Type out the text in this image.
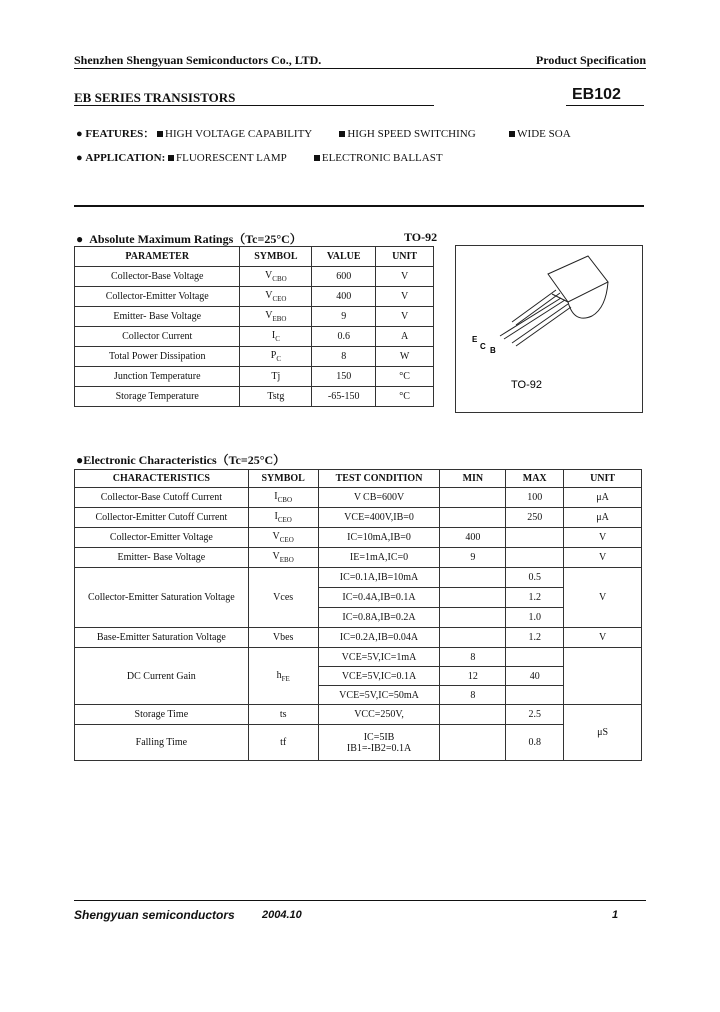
Shenzhen Shengyuan Semiconductors Co., LTD.	Product Specification
EB SERIES TRANSISTORS	EB102
● FEATURES： HIGH VOLTAGE CAPABILITY	HIGH SPEED SWITCHING	WIDE SOA
● APPLICATION: FLUORESCENT LAMP	ELECTRONIC BALLAST
● Absolute Maximum Ratings（Tc=25°C）	TO-92
PARAMETER	SYMBOL	VALUE	UNIT
Collector-Base Voltage	$V_{CBO}$	600	V
Collector-Emitter Voltage	$V_{CEO}$	400	V
Emitter- Base Voltage	$V_{EBO}$	9	V
Collector Current	$I_C$	0.6	A
Total Power Dissipation	$P_C$	8	W
Junction Temperature	Tj	150	°C
Storage Temperature	Tstg	-65-150	°C
E
C B
TO-92
●Electronic Characteristics（Tc=25°C）
CHARACTERISTICS	SYMBOL	TEST CONDITION	MIN	MAX	UNIT
Collector-Base Cutoff Current	$I_{CBO}$	V CB=600V		100	μA
Collector-Emitter Cutoff Current	$I_{CEO}$	VCE=400V,IB=0		250	μA
Collector-Emitter Voltage	$V_{CEO}$	IC=10mA,IB=0	400		V
Emitter- Base Voltage	$V_{EBO}$	IE=1mA,IC=0	9		V
Collector-Emitter Saturation Voltage	Vces	IC=0.1A,IB=10mA		0.5	V
		IC=0.4A,IB=0.1A		1.2	
		IC=0.8A,IB=0.2A		1.0	
Base-Emitter Saturation Voltage	Vbes	IC=0.2A,IB=0.04A		1.2	V
DC Current Gain	$h_{FE}$	VCE=5V,IC=1mA	8		
		VCE=5V,IC=0.1A	12	40	
		VCE=5V,IC=50mA	8		
Storage Time	ts	VCC=250V,		2.5	μS
Falling Time	tf	IC=5IB
IB1=-IB2=0.1A		0.8	
Shengyuan semiconductors 2004.10	1
